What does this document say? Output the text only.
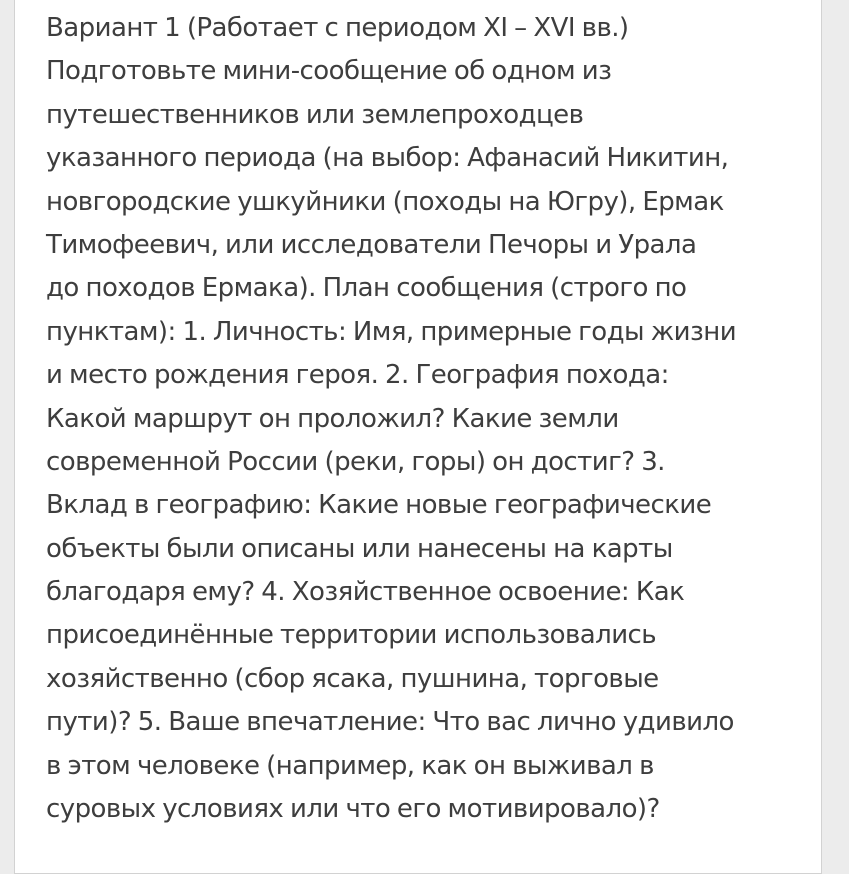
Вариант 1 (Работает с периодом XI – XVI вв.)
Подготовьте мини-сообщение об одном из
путешественников или землепроходцев
указанного периода (на выбор: Афанасий Никитин,
новгородские ушкуйники (походы на Югру), Ермак
Тимофеевич, или исследователи Печоры и Урала
до походов Ермака). План сообщения (строго по
пунктам): 1. Личность: Имя, примерные годы жизни
и место рождения героя. 2. География похода:
Какой маршрут он проложил? Какие земли
современной России (реки, горы) он достиг? 3.
Вклад в географию: Какие новые географические
объекты были описаны или нанесены на карты
благодаря ему? 4. Хозяйственное освоение: Как
присоединённые территории использовались
хозяйственно (сбор ясака, пушнина, торговые
пути)? 5. Ваше впечатление: Что вас лично удивило
в этом человеке (например, как он выживал в
суровых условиях или что его мотивировало)?
